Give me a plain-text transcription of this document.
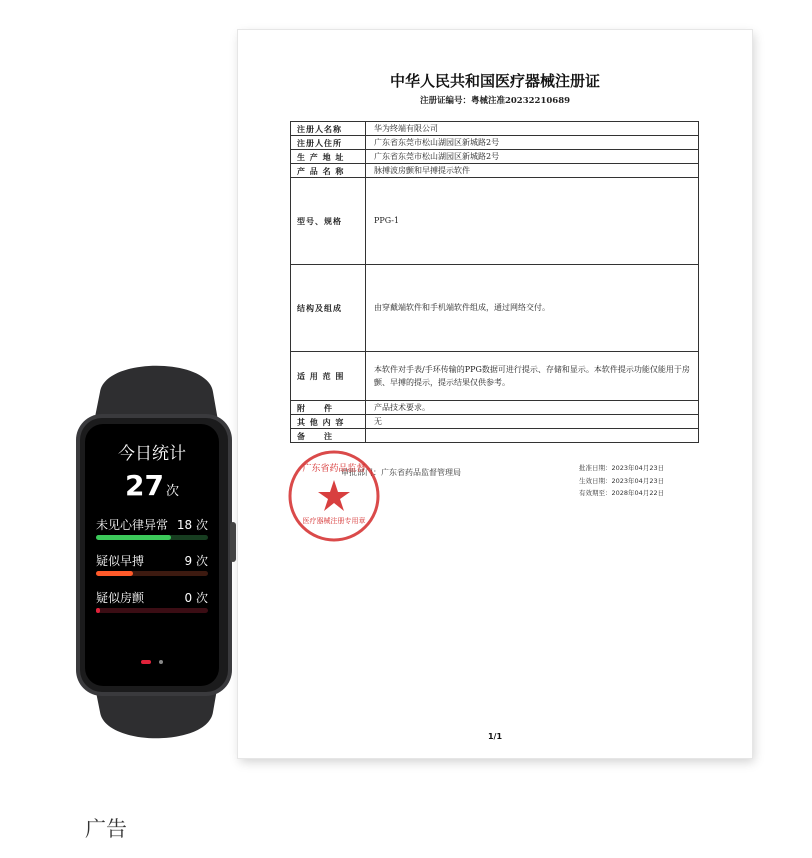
中华人民共和国医疗器械注册证
注册证编号：粤械注准20232210689
注册人名称	华为终端有限公司
注册人住所	广东省东莞市松山湖园区新城路2号
生 产 地 址	广东省东莞市松山湖园区新城路2号
产 品 名 称	脉搏波房颤和早搏提示软件
型号、规格	PPG-1
结构及组成	由穿戴端软件和手机端软件组成，通过网络交付。
适 用 范 围	本软件对手表/手环传输的PPG数据可进行提示、存储和显示。本软件提示功能仅能用于房颤、早搏的提示，提示结果仅供参考。
附　　件	产品技术要求。
其 他 内 容	无
备　　注	
审批部门：广东省药品监督管理局	批准日期：2023年04月23日
生效日期：2023年04月23日
有效期至：2028年04月22日
广东省药品监督
医疗器械注册专用章
1/1
今日统计
27 次
未见心律异常 18 次
疑似早搏	9 次
疑似房颤	0 次

广告
